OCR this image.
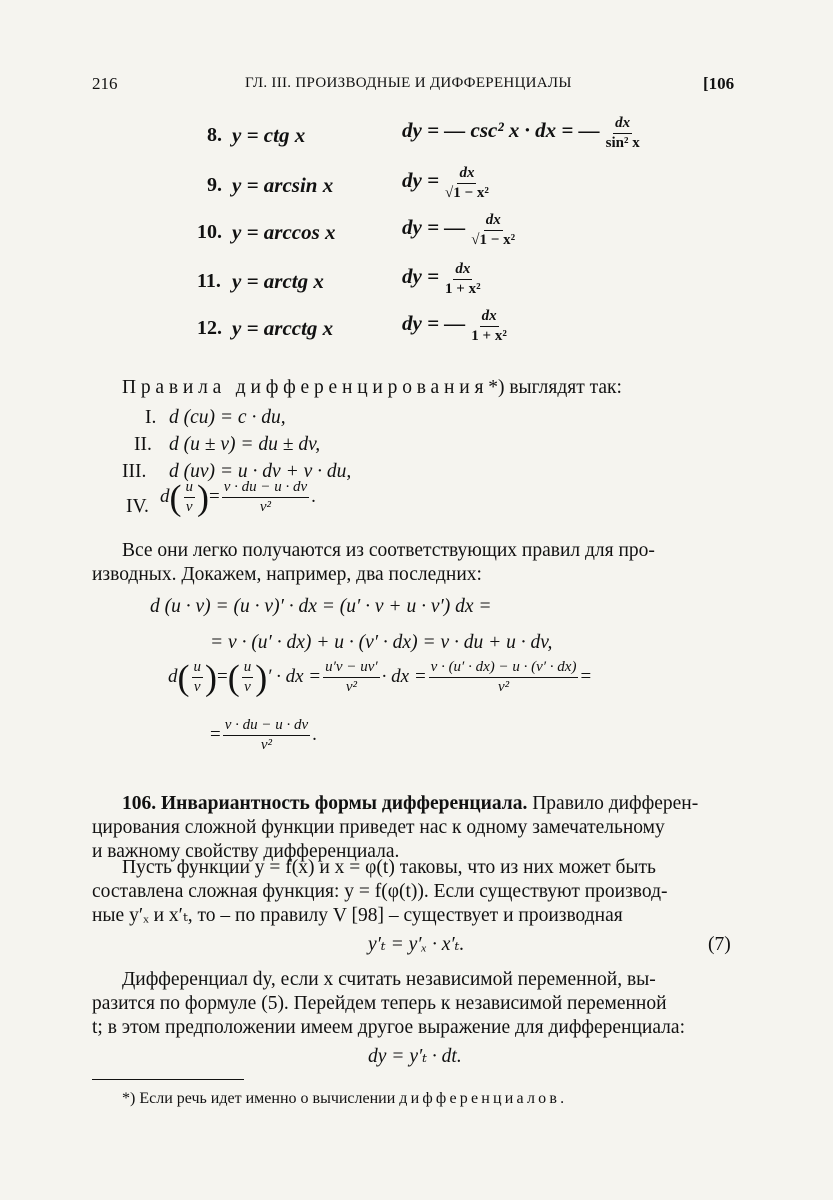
216	ГЛ. III. ПРОИЗВОДНЫЕ И ДИФФЕРЕНЦИАЛЫ	[106
8. y = ctg x	dy = — csc² x · dx = — $\frac{dx}{\text{sin² x}}$
9. y = arcsin x	dy = $\frac{dx}{\text{√1 − x²}}$
10. y = arccos x	dy = — $\frac{dx}{\text{√1 − x²}}$
11. y = arctg x	dy = $\frac{dx}{\text{1 + x²}}$
12. y = arcctg x	dy = — $\frac{dx}{\text{1 + x²}}$
Правила дифференцирования*) выглядят так:
I. d (cu) = c · du,
II. d (u ± v) = du ± dv,
III. d (uv) = u · dv + v · du,
IV. $d( \frac{u}{v}$ )= $\frac{v \cdot du - u \cdot dv}{\text{v²}}$ .
Все они легко получаются из соответствующих правил для про-
изводных. Докажем, например, два последних:
d (u · v) = (u · v)′ · dx = (u′ · v + u · v′) dx =
= v · (u′ · dx) + u · (v′ · dx) = v · du + u · dv,
$d( \frac{u}{v}$ )=( $\frac{u}{v}$ )′ · dx = $\frac{u'v - uv'}{\text{v²}}$ · dx = $\frac{v \cdot (u' \cdot dx) - u \cdot (v' \cdot dx)}{\text{v²}}$ =
= $\frac{v \cdot du - u \cdot dv}{\text{v²}}$ .
106. Инвариантность формы дифференциала. Правило дифферен-
цирования сложной функции приведет нас к одному замечательному
и важному свойству дифференциала.
Пусть функции y = f(x) и x = φ(t) таковы, что из них может быть
составлена сложная функция: y = f(φ(t)). Если существуют производ-
ные y′ₓ и x′ₜ, то – по правилу V [98] – существует и производная
y′ₜ = y′ₓ · x′ₜ.	(7)
Дифференциал dy, если x считать независимой переменной, вы-
разится по формуле (5). Перейдем теперь к независимой переменной
t; в этом предположении имеем другое выражение для дифференциала:
dy = y′ₜ · dt.
*) Если речь идет именно о вычислении дифференциалов.
